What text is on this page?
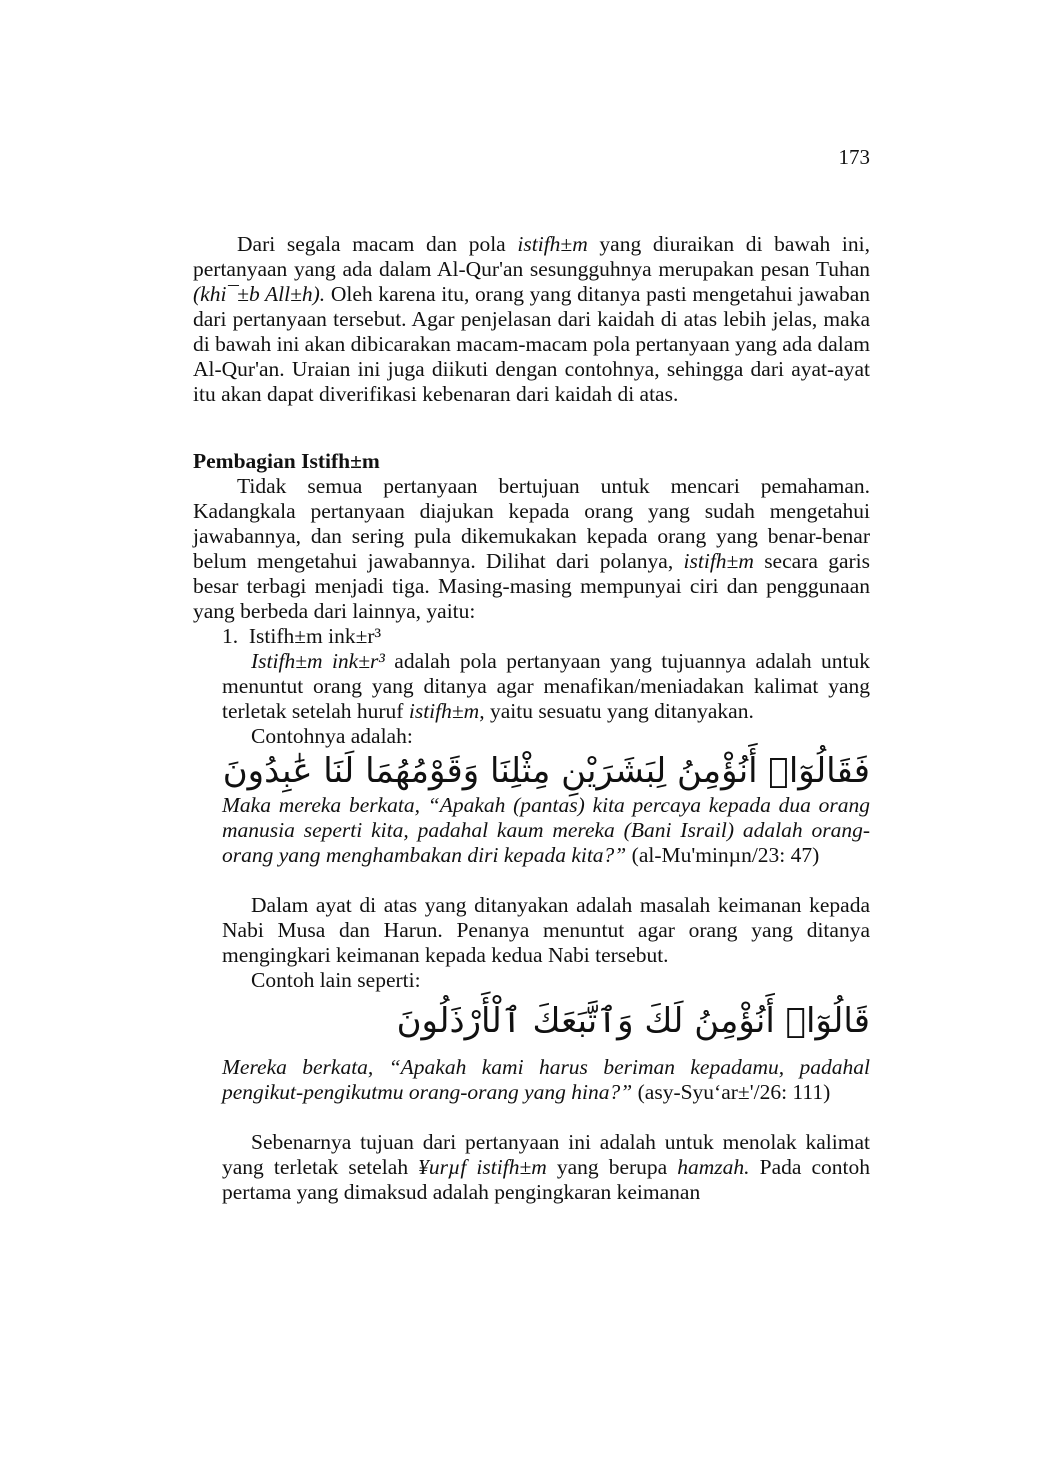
173

Dari segala macam dan pola istifh±m yang diuraikan di bawah ini, pertanyaan yang ada dalam Al-Qur'an sesungguhnya merupakan pesan Tuhan (khi¯±b All±h). Oleh karena itu, orang yang ditanya pasti mengetahui jawaban dari pertanyaan tersebut. Agar penjelasan dari kaidah di atas lebih jelas, maka di bawah ini akan dibicarakan macam-macam pola pertanyaan yang ada dalam Al-Qur'an. Uraian ini juga diikuti dengan contohnya, sehingga dari ayat-ayat itu akan dapat diverifikasi kebenaran dari kaidah di atas.

Pembagian Istifh±m

Tidak semua pertanyaan bertujuan untuk mencari pemahaman. Kadangkala pertanyaan diajukan kepada orang yang sudah mengetahui jawabannya, dan sering pula dikemukakan kepada orang yang benar-benar belum mengetahui jawabannya. Dilihat dari polanya, istifh±m secara garis besar terbagi menjadi tiga. Masing-masing mempunyai ciri dan penggunaan yang berbeda dari lainnya, yaitu:

1. Istifh±m ink±r³

Istifh±m ink±r³ adalah pola pertanyaan yang tujuannya adalah untuk menuntut orang yang ditanya agar menafikan/meniadakan kalimat yang terletak setelah huruf istifh±m, yaitu sesuatu yang ditanyakan.

Contohnya adalah:

فَقَالُوٓا۟ أَنُؤْمِنُ لِبَشَرَيْنِ مِثْلِنَا وَقَوْمُهُمَا لَنَا عَٰبِدُونَ

Maka mereka berkata, “Apakah (pantas) kita percaya kepada dua orang manusia seperti kita, padahal kaum mereka (Bani Israil) adalah orang-orang yang menghambakan diri kepada kita?” (al-Mu'minµn/23: 47)

Dalam ayat di atas yang ditanyakan adalah masalah keimanan kepada Nabi Musa dan Harun. Penanya menuntut agar orang yang ditanya mengingkari keimanan kepada kedua Nabi tersebut.

Contoh lain seperti:

قَالُوٓا۟ أَنُؤْمِنُ لَكَ وَٱتَّبَعَكَ ٱلْأَرْذَلُونَ

Mereka berkata, “Apakah kami harus beriman kepadamu, padahal pengikut-pengikutmu orang-orang yang hina?” (asy-Syu‘ar±'/26: 111)

Sebenarnya tujuan dari pertanyaan ini adalah untuk menolak kalimat yang terletak setelah ¥urµf istifh±m yang berupa hamzah. Pada contoh pertama yang dimaksud adalah pengingkaran keimanan
